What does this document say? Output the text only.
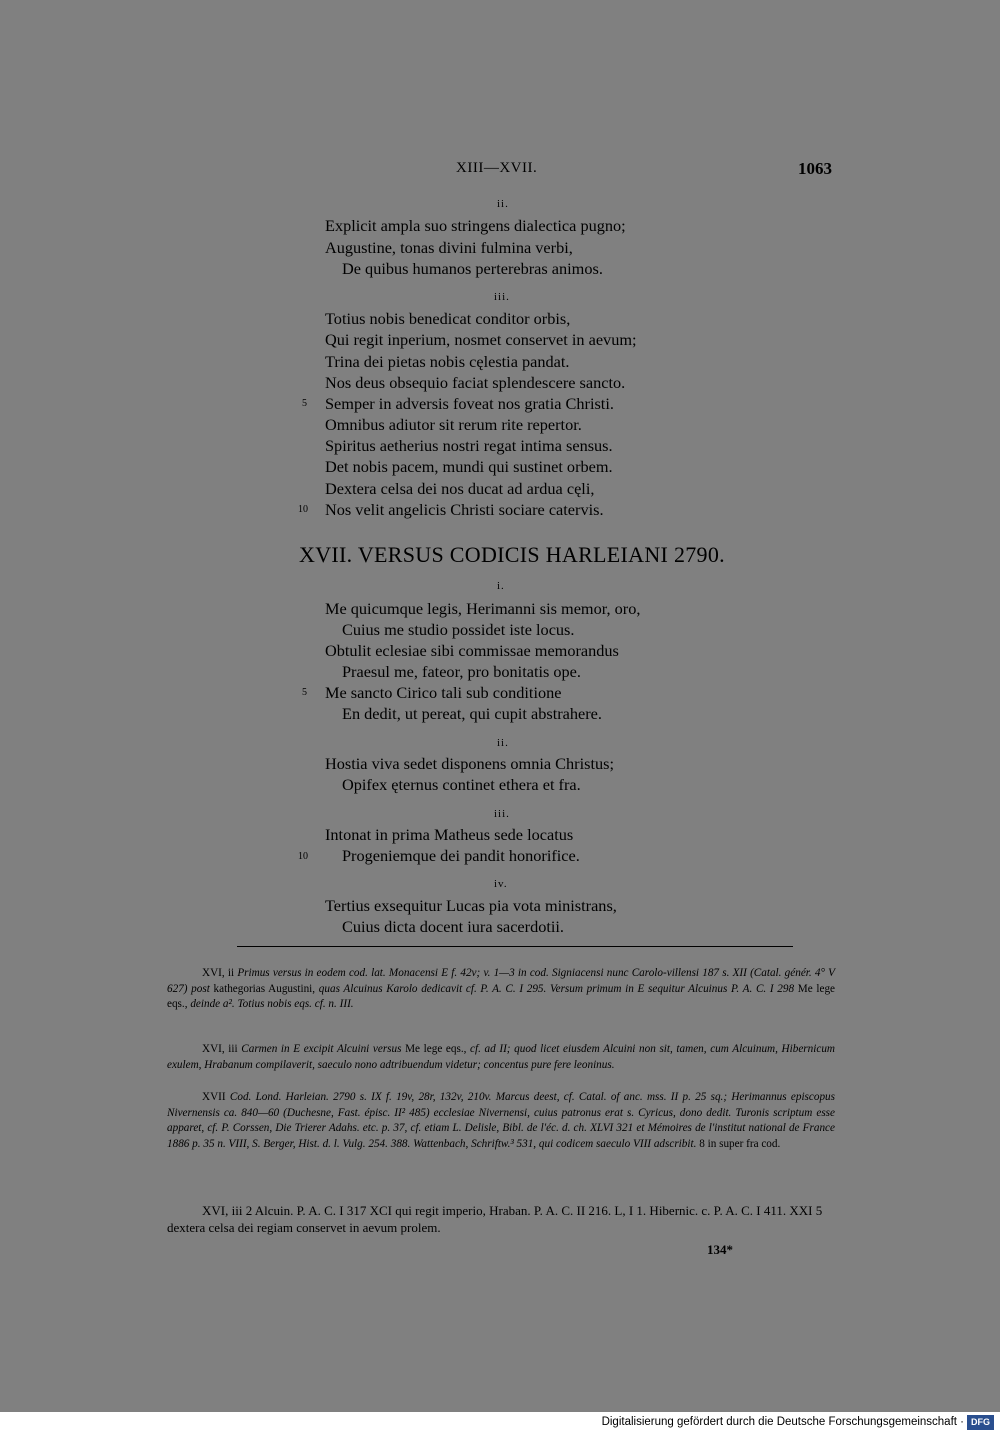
XIII—XVII.	1063
ii.
Explicit ampla suo stringens dialectica pugno;
Augustine, tonas divini fulmina verbi,
De quibus humanos perterebras animos.
iii.
Totius nobis benedicat conditor orbis,
Qui regit inperium, nosmet conservet in aevum;
Trina dei pietas nobis cęlestia pandat.
Nos deus obsequio faciat splendescere sancto.
5 Semper in adversis foveat nos gratia Christi.
Omnibus adiutor sit rerum rite repertor.
Spiritus aetherius nostri regat intima sensus.
Det nobis pacem, mundi qui sustinet orbem.
Dextera celsa dei nos ducat ad ardua cęli,
10 Nos velit angelicis Christi sociare catervis.
XVII. VERSUS CODICIS HARLEIANI 2790.
i.
Me quicumque legis, Herimanni sis memor, oro,
Cuius me studio possidet iste locus.
Obtulit eclesiae sibi commissae memorandus
Praesul me, fateor, pro bonitatis ope.
5 Me sancto Cirico tali sub conditione
En dedit, ut pereat, qui cupit abstrahere.
ii.
Hostia viva sedet disponens omnia Christus;
Opifex ęternus continet ethera et fra.
iii.
Intonat in prima Matheus sede locatus
10	Progeniemque dei pandit honorifice.
iv.
Tertius exsequitur Lucas pia vota ministrans,
Cuius dicta docent iura sacerdotii.
XVI, ii Primus versus in eodem cod. lat. Monacensi E f. 42v; v. 1—3 in cod. Signiacensi nunc Carolo-villensi 187 s. XII (Catal. génér. 4° V 627) post kathegorias Augustini, quas Alcuinus Karolo dedicavit cf. P. A. C. I 295. Versum primum in E sequitur Alcuinus P. A. C. I 298 Me lege eqs., deinde a². Totius nobis eqs. cf. n. III.
XVI, iii Carmen in E excipit Alcuini versus Me lege eqs., cf. ad II; quod licet eiusdem Alcuini non sit, tamen, cum Alcuinum, Hibernicum exulem, Hrabanum compilaverit, saeculo nono adtribuendum videtur; concentus pure fere leoninus.
XVII Cod. Lond. Harleian. 2790 s. IX f. 19v, 28r, 132v, 210v. Marcus deest, cf. Catal. of anc. mss. II p. 25 sq.; Herimannus episcopus Nivernensis ca. 840—60 (Duchesne, Fast. épisc. II² 485) ecclesiae Nivernensi, cuius patronus erat s. Cyricus, dono dedit. Turonis scriptum esse apparet, cf. P. Corssen, Die Trierer Adahs. etc. p. 37, cf. etiam L. Delisle, Bibl. de l'éc. d. ch. XLVI 321 et Mémoires de l'institut national de France 1886 p. 35 n. VIII, S. Berger, Hist. d. l. Vulg. 254. 388. Wattenbach, Schriftw.³ 531, qui codicem saeculo VIII adscribit. 8 in super fra cod.
XVI, iii 2 Alcuin. P. A. C. I 317 XCI qui regit imperio, Hraban. P. A. C. II 216. L, I 1. Hibernic. c. P. A. C. I 411. XXI 5 dextera celsa dei regiam conservet in aevum prolem.
134*
Digitalisierung gefördert durch die Deutsche Forschungsgemeinschaft · DFG
